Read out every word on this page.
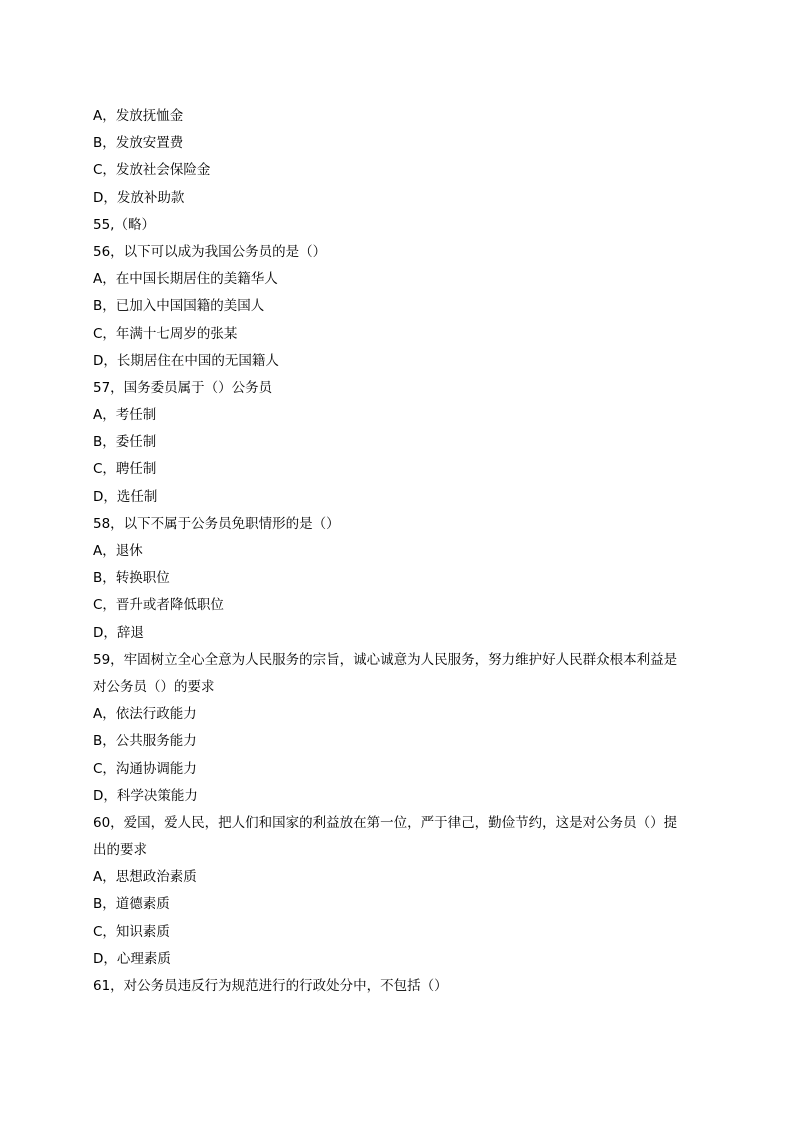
A，发放抚恤金
B，发放安置费
C，发放社会保险金
D，发放补助款
55,（略）
56，以下可以成为我国公务员的是（）
A，在中国长期居住的美籍华人
B，已加入中国国籍的美国人
C，年满十七周岁的张某
D，长期居住在中国的无国籍人
57，国务委员属于（）公务员
A，考任制
B，委任制
C，聘任制
D，选任制
58，以下不属于公务员免职情形的是（）
A，退休
B，转换职位
C，晋升或者降低职位
D，辞退
59，牢固树立全心全意为人民服务的宗旨，诚心诚意为人民服务，努力维护好人民群众根本利益是
对公务员（）的要求
A，依法行政能力
B，公共服务能力
C，沟通协调能力
D，科学决策能力
60，爱国，爱人民，把人们和国家的利益放在第一位，严于律己，勤俭节约，这是对公务员（）提
出的要求
A，思想政治素质
B，道德素质
C，知识素质
D，心理素质
61，对公务员违反行为规范进行的行政处分中，不包括（）
